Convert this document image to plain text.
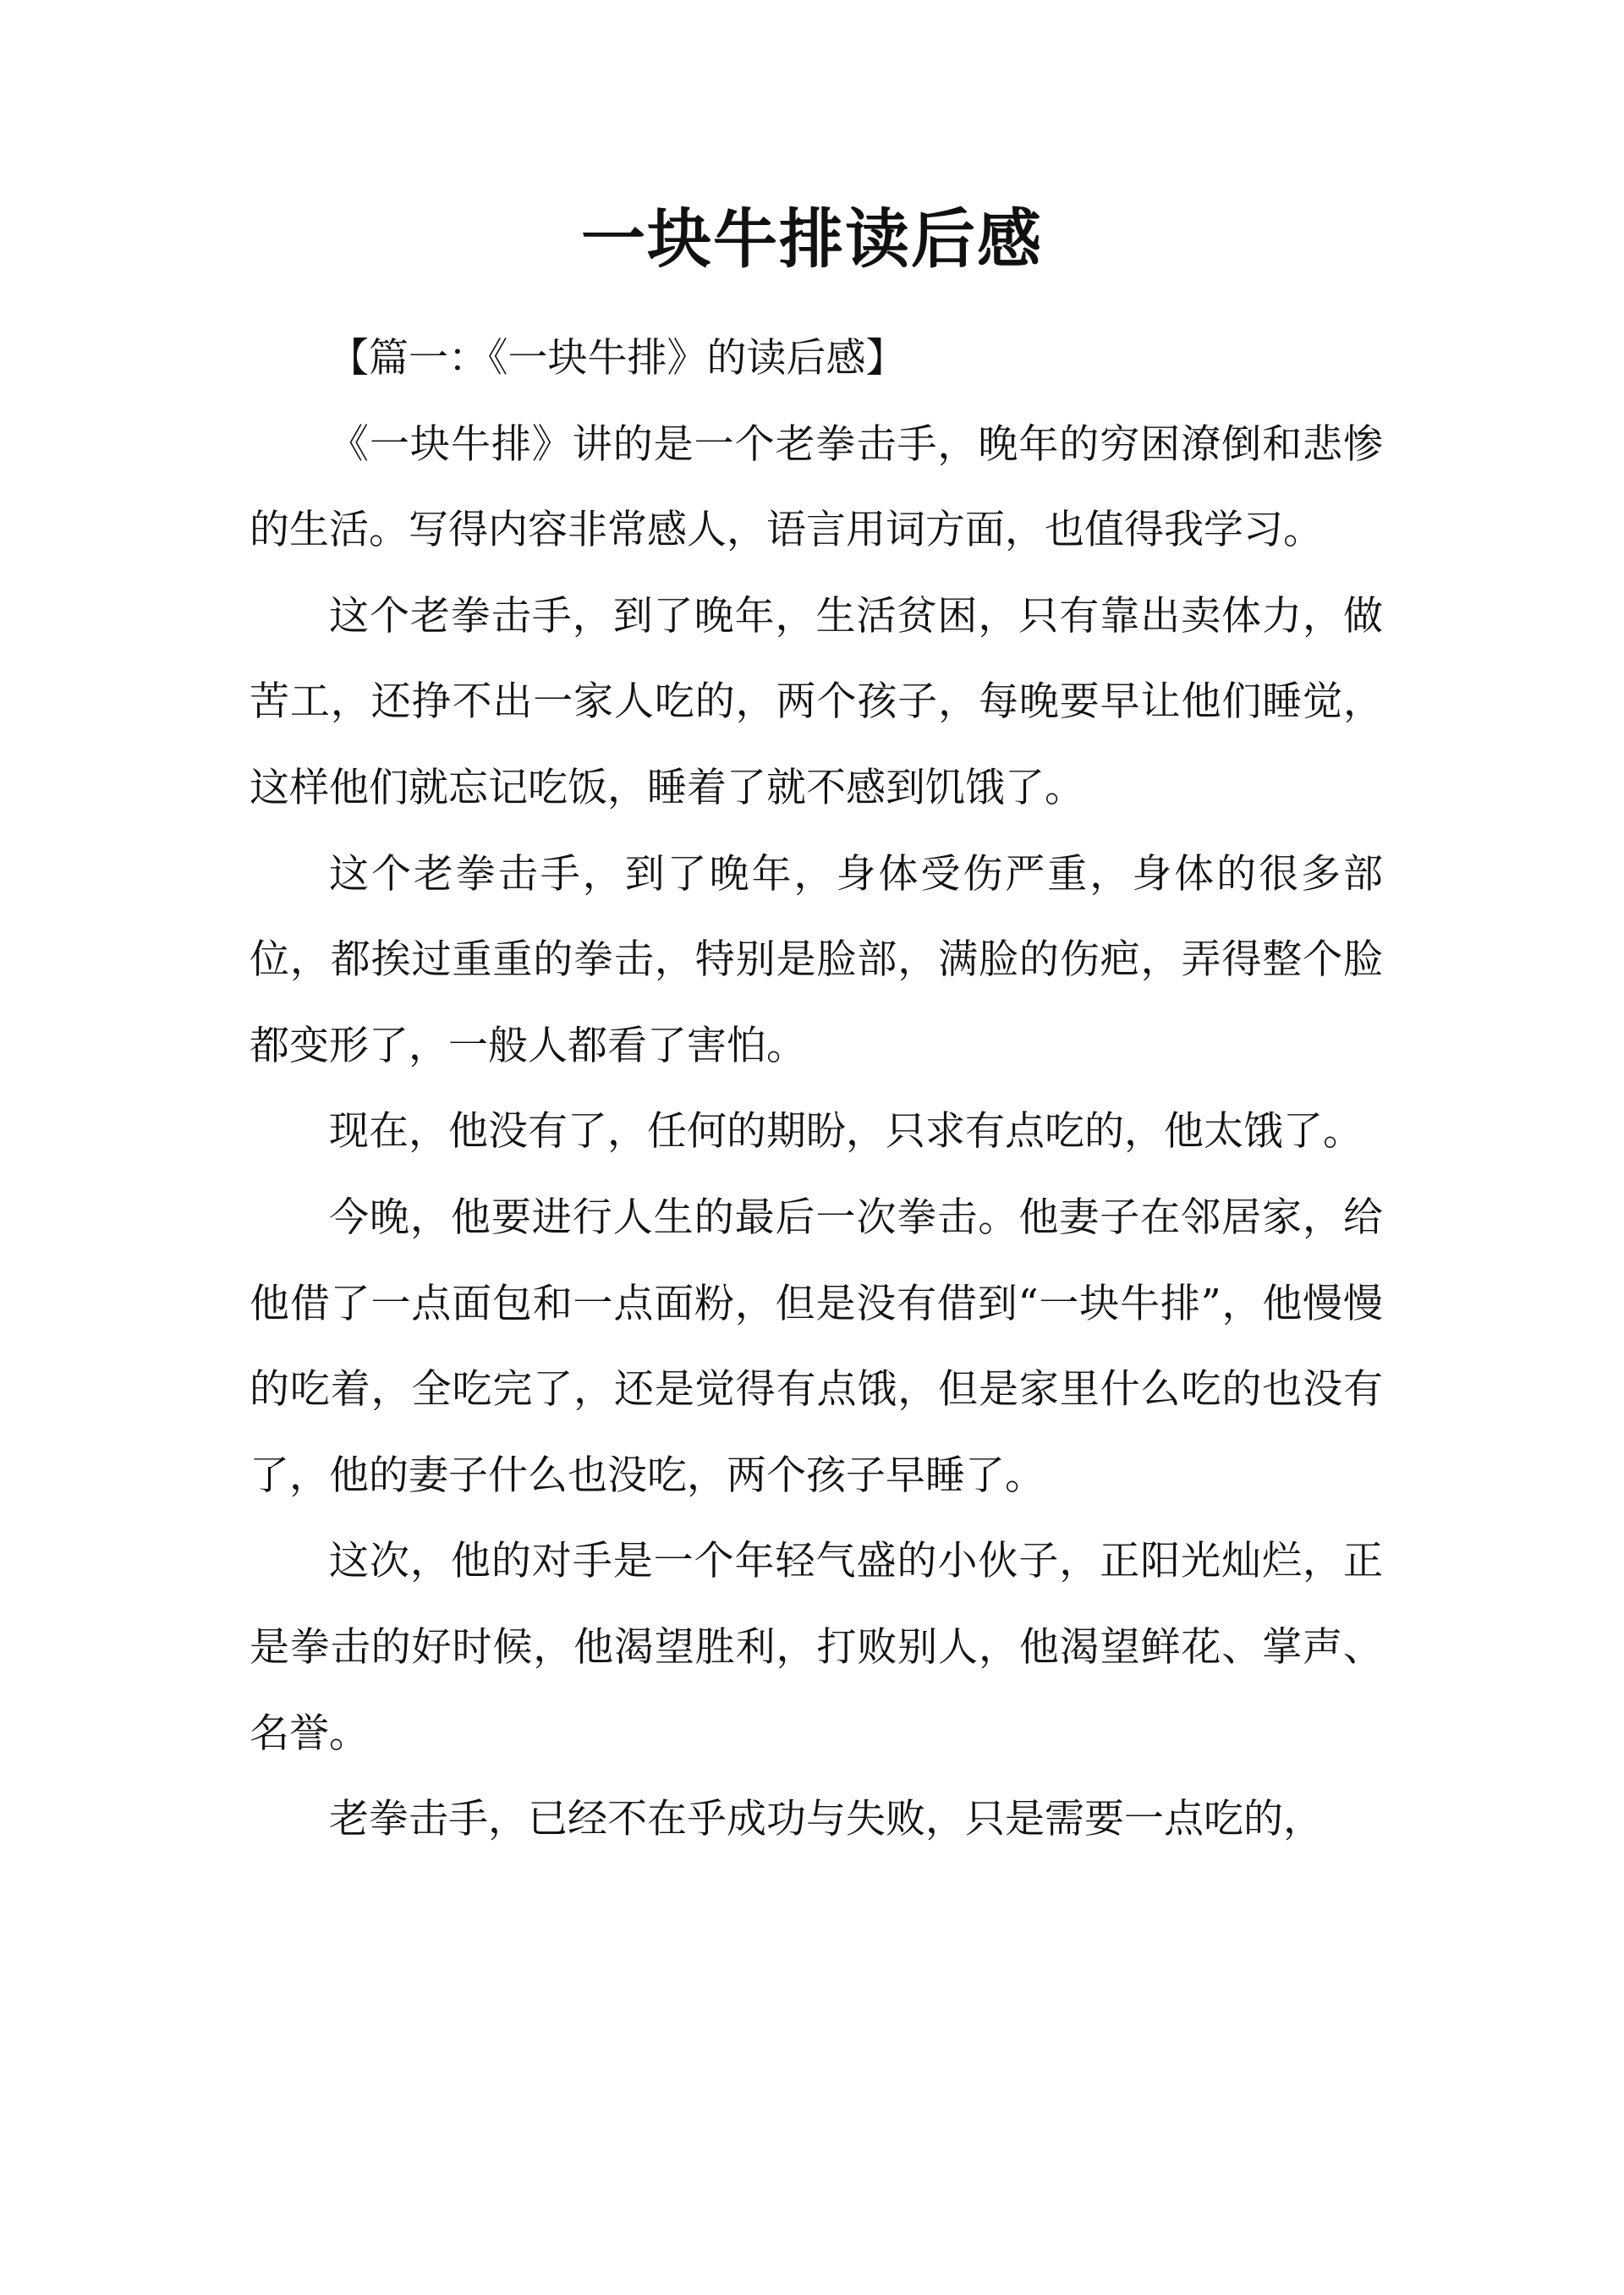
一块牛排读后感

【篇一：《一块牛排》的读后感】

《一块牛排》讲的是一个老拳击手，晚年的穷困潦倒和悲惨的生活。写得内容非常感人，语言用词方面，也值得我学习。

这个老拳击手，到了晚年，生活贫困，只有靠出卖体力，做苦工，还挣不出一家人吃的，两个孩子，每晚要早让他们睡觉，这样他们就忘记吃饭，睡着了就不感到饥饿了。

这个老拳击手，到了晚年，身体受伤严重，身体的很多部位，都挨过重重的拳击，特别是脸部，满脸的伤疤，弄得整个脸都变形了，一般人都看了害怕。

现在，他没有了，任何的期盼，只求有点吃的，他太饿了。

今晚，他要进行人生的最后一次拳击。他妻子在邻居家，给他借了一点面包和一点面粉，但是没有借到“一块牛排”，他慢慢的吃着，全吃完了，还是觉得有点饿，但是家里什么吃的也没有了，他的妻子什么也没吃，两个孩子早睡了。

这次，他的对手是一个年轻气盛的小伙子，正阳光灿烂，正是拳击的好时候，他渴望胜利，打败别人，他渴望鲜花、掌声、名誉。

老拳击手，已经不在乎成功与失败，只是需要一点吃的，
